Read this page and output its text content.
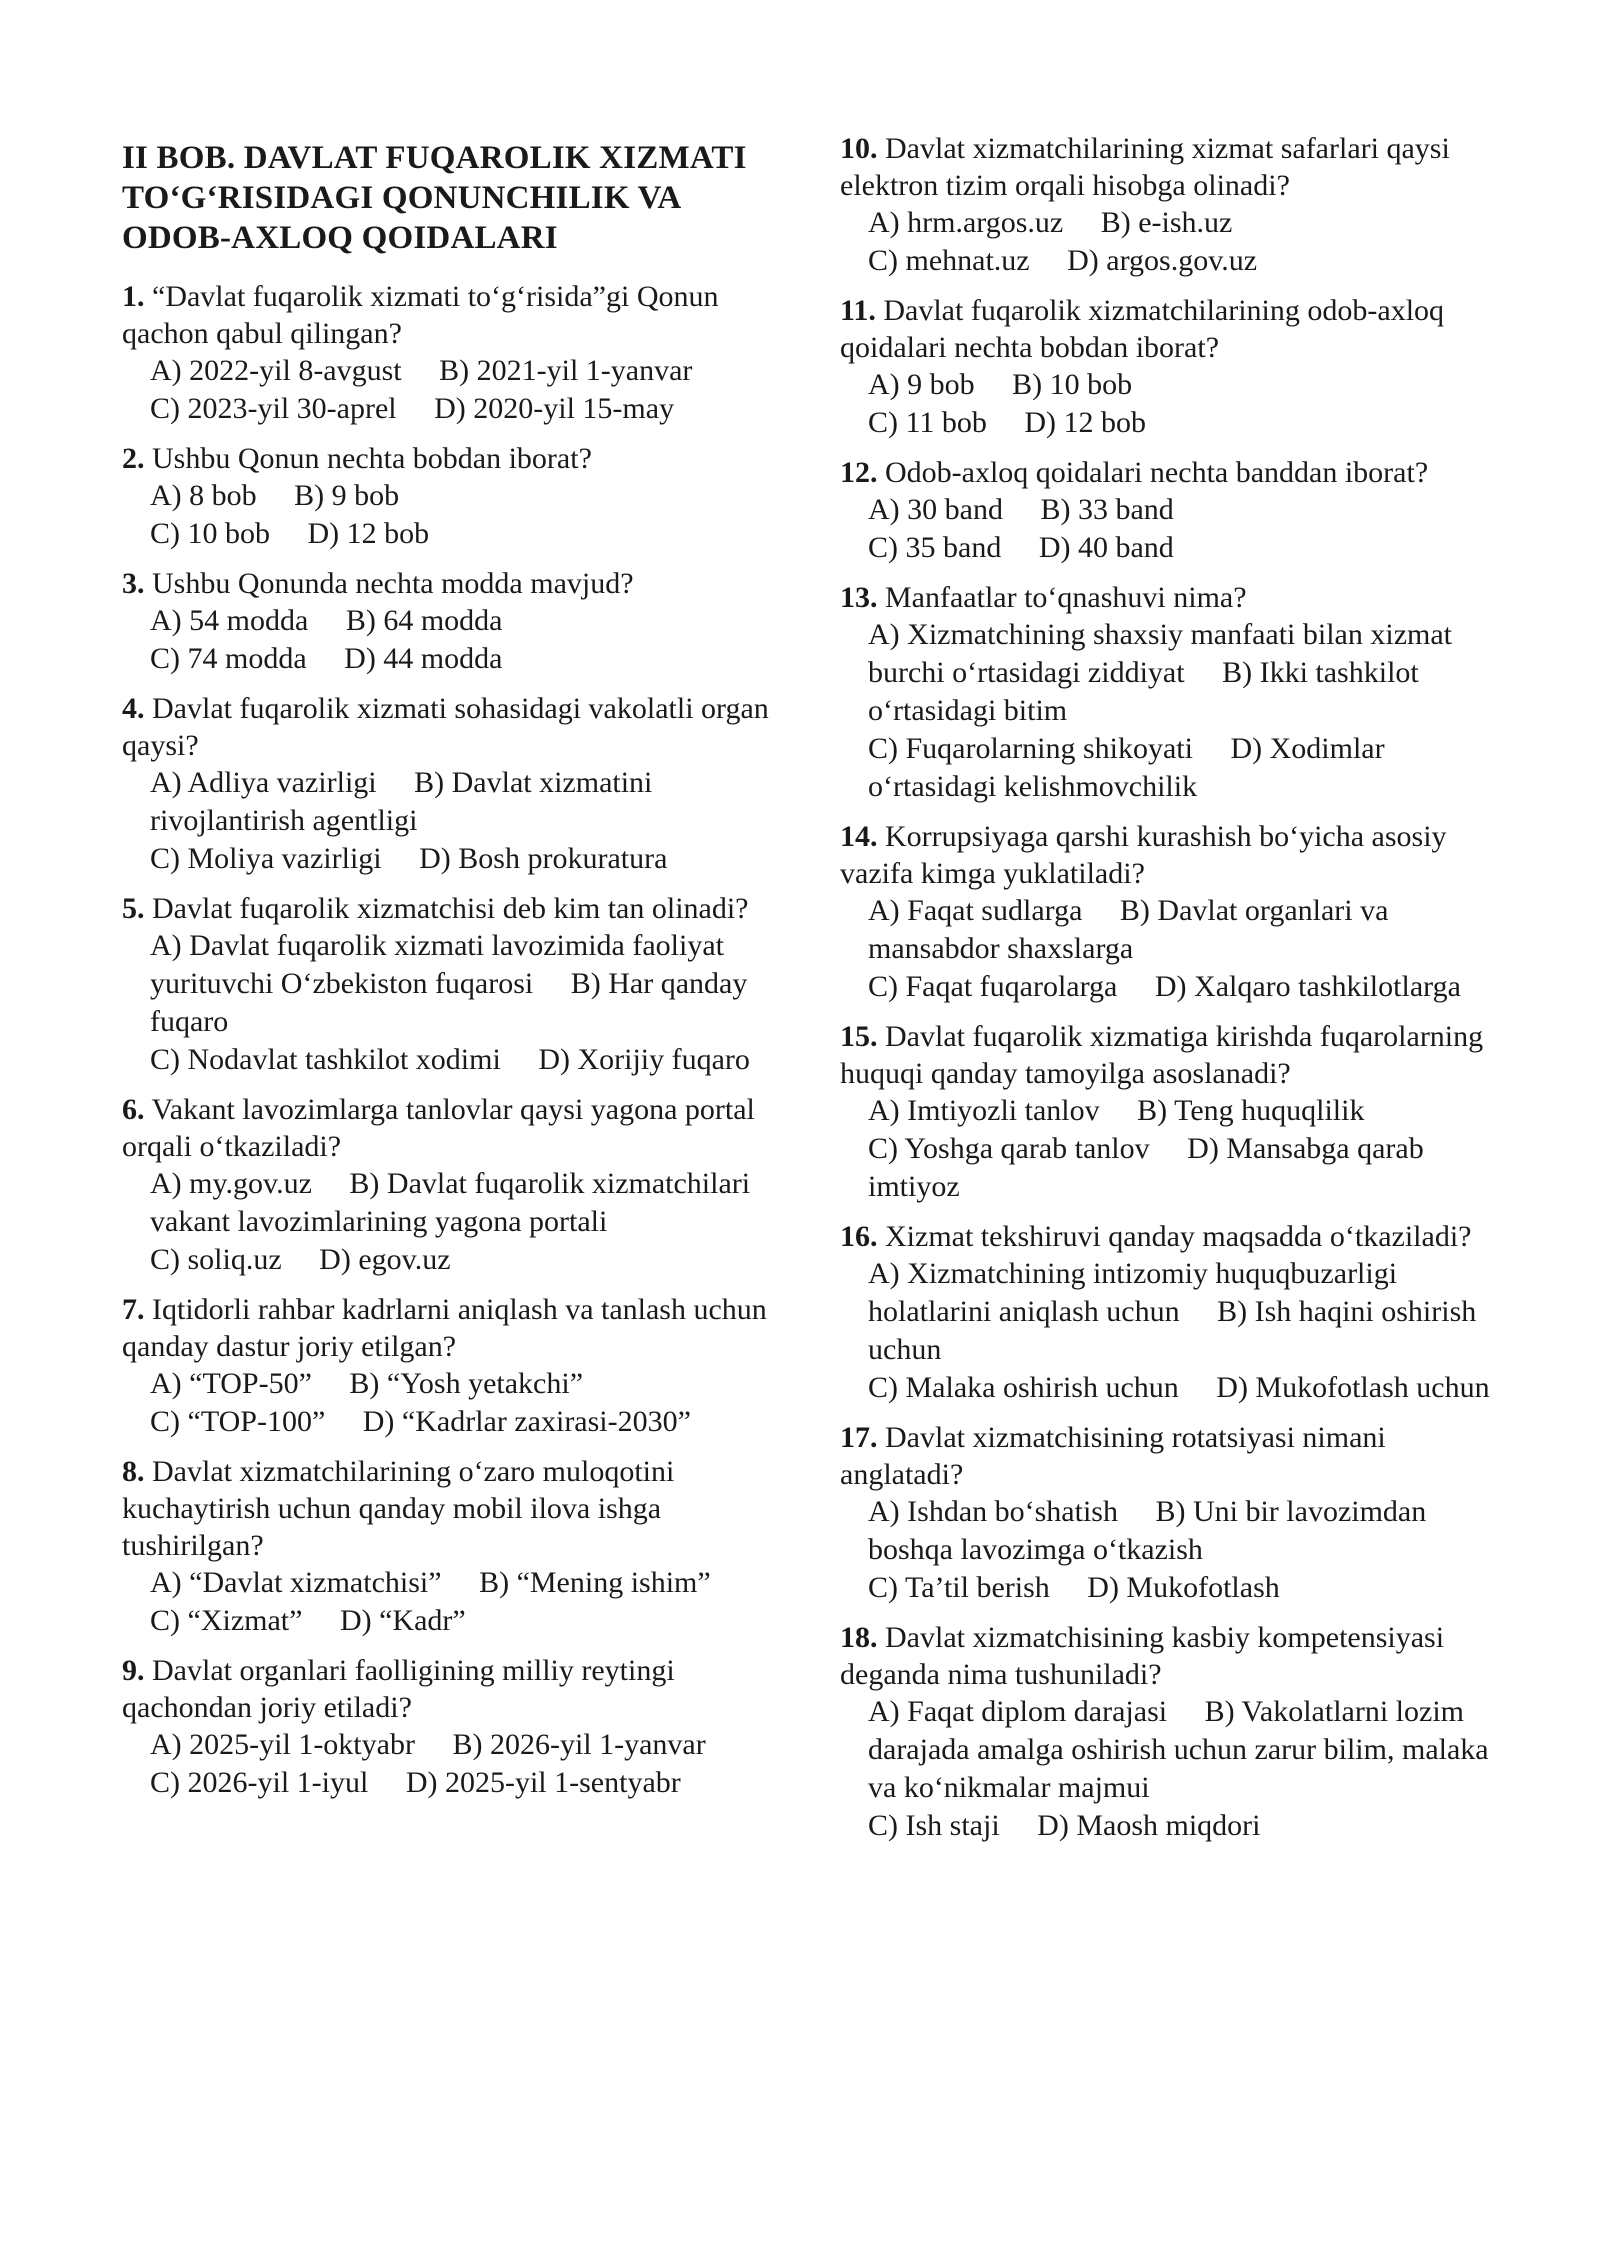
II BOB. DAVLAT FUQAROLIK XIZMATI TO‘G‘RISIDAGI QONUNCHILIK VA ODOB-AXLOQ QOIDALARI
1. “Davlat fuqarolik xizmati to‘g‘risida”gi Qonun qachon qabul qilingan?
A) 2022-yil 8-avgust B) 2021-yil 1-yanvar
C) 2023-yil 30-aprel D) 2020-yil 15-may
2. Ushbu Qonun nechta bobdan iborat?
A) 8 bob B) 9 bob
C) 10 bob D) 12 bob
3. Ushbu Qonunda nechta modda mavjud?
A) 54 modda B) 64 modda
C) 74 modda D) 44 modda
4. Davlat fuqarolik xizmati sohasidagi vakolatli organ qaysi?
A) Adliya vazirligi B) Davlat xizmatini rivojlantirish agentligi
C) Moliya vazirligi D) Bosh prokuratura
5. Davlat fuqarolik xizmatchisi deb kim tan olinadi?
A) Davlat fuqarolik xizmati lavozimida faoliyat yurituvchi O‘zbekiston fuqarosi B) Har qanday fuqaro
C) Nodavlat tashkilot xodimi D) Xorijiy fuqaro
6. Vakant lavozimlarga tanlovlar qaysi yagona portal orqali o‘tkaziladi?
A) my.gov.uz B) Davlat fuqarolik xizmatchilari vakant lavozimlarining yagona portali
C) soliq.uz D) egov.uz
7. Iqtidorli rahbar kadrlarni aniqlash va tanlash uchun qanday dastur joriy etilgan?
A) “TOP-50” B) “Yosh yetakchi”
C) “TOP-100” D) “Kadrlar zaxirasi-2030”
8. Davlat xizmatchilarining o‘zaro muloqotini kuchaytirish uchun qanday mobil ilova ishga tushirilgan?
A) “Davlat xizmatchisi” B) “Mening ishim”
C) “Xizmat” D) “Kadr”
9. Davlat organlari faolligining milliy reytingi qachondan joriy etiladi?
A) 2025-yil 1-oktyabr B) 2026-yil 1-yanvar
C) 2026-yil 1-iyul D) 2025-yil 1-sentyabr
10. Davlat xizmatchilarining xizmat safarlari qaysi elektron tizim orqali hisobga olinadi?
A) hrm.argos.uz B) e-ish.uz
C) mehnat.uz D) argos.gov.uz
11. Davlat fuqarolik xizmatchilarining odob-axloq qoidalari nechta bobdan iborat?
A) 9 bob B) 10 bob
C) 11 bob D) 12 bob
12. Odob-axloq qoidalari nechta banddan iborat?
A) 30 band B) 33 band
C) 35 band D) 40 band
13. Manfaatlar to‘qnashuvi nima?
A) Xizmatchining shaxsiy manfaati bilan xizmat burchi o‘rtasidagi ziddiyat B) Ikki tashkilot o‘rtasidagi bitim
C) Fuqarolarning shikoyati D) Xodimlar o‘rtasidagi kelishmovchilik
14. Korrupsiyaga qarshi kurashish bo‘yicha asosiy vazifa kimga yuklatiladi?
A) Faqat sudlarga B) Davlat organlari va mansabdor shaxslarga
C) Faqat fuqarolarga D) Xalqaro tashkilotlarga
15. Davlat fuqarolik xizmatiga kirishda fuqarolarning huquqi qanday tamoyilga asoslanadi?
A) Imtiyozli tanlov B) Teng huquqlilik
C) Yoshga qarab tanlov D) Mansabga qarab imtiyoz
16. Xizmat tekshiruvi qanday maqsadda o‘tkaziladi?
A) Xizmatchining intizomiy huquqbuzarligi holatlarini aniqlash uchun B) Ish haqini oshirish uchun
C) Malaka oshirish uchun D) Mukofotlash uchun
17. Davlat xizmatchisining rotatsiyasi nimani anglatadi?
A) Ishdan bo‘shatish B) Uni bir lavozimdan boshqa lavozimga o‘tkazish
C) Ta’til berish D) Mukofotlash
18. Davlat xizmatchisining kasbiy kompetensiyasi deganda nima tushuniladi?
A) Faqat diplom darajasi B) Vakolatlarni lozim darajada amalga oshirish uchun zarur bilim, malaka va ko‘nikmalar majmui
C) Ish staji D) Maosh miqdori
